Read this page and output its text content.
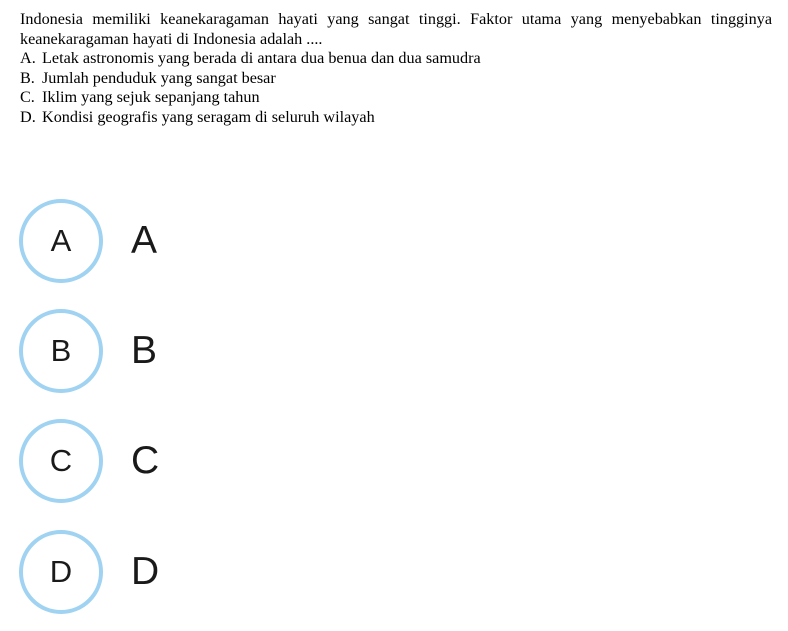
Indonesia memiliki keanekaragaman hayati yang sangat tinggi. Faktor utama yang menyebabkan tingginya keanekaragaman hayati di Indonesia adalah ....

A. Letak astronomis yang berada di antara dua benua dan dua samudra
B. Jumlah penduduk yang sangat besar
C. Iklim yang sejuk sepanjang tahun
D. Kondisi geografis yang seragam di seluruh wilayah
A	A
B	B
C	C
D	D
